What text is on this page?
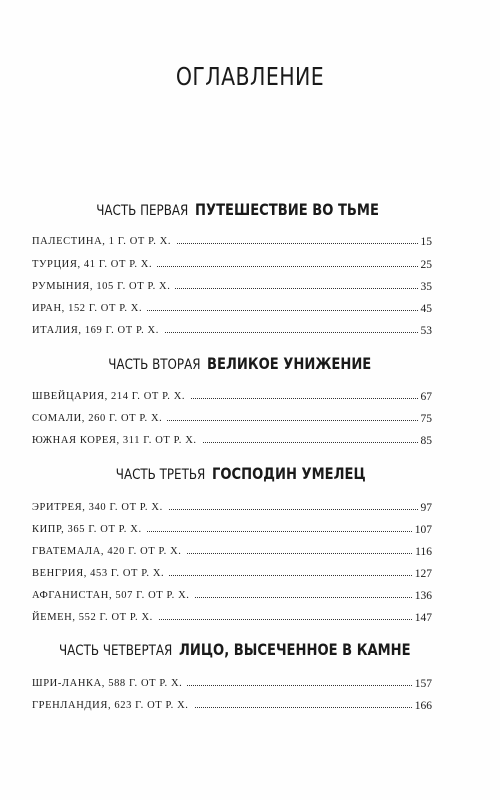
ОГЛАВЛЕНИЕ
ЧАСТЬ ПЕРВАЯ ПУТЕШЕСТВИЕ ВО ТЬМЕ
ПАЛЕСТИНА, 1 Г. ОТ Р. Х.	15
ТУРЦИЯ, 41 Г. ОТ Р. Х.	25
РУМЫНИЯ, 105 Г. ОТ Р. Х.	35
ИРАН, 152 Г. ОТ Р. Х.	45
ИТАЛИЯ, 169 Г. ОТ Р. Х.	53
ЧАСТЬ ВТОРАЯ ВЕЛИКОЕ УНИЖЕНИЕ
ШВЕЙЦАРИЯ, 214 Г. ОТ Р. Х.	67
СОМАЛИ, 260 Г. ОТ Р. Х.	75
ЮЖНАЯ КОРЕЯ, 311 Г. ОТ Р. Х.	85
ЧАСТЬ ТРЕТЬЯ ГОСПОДИН УМЕЛЕЦ
ЭРИТРЕЯ, 340 Г. ОТ Р. Х.	97
КИПР, 365 Г. ОТ Р. Х.	107
ГВАТЕМАЛА, 420 Г. ОТ Р. Х.	116
ВЕНГРИЯ, 453 Г. ОТ Р. Х.	127
АФГАНИСТАН, 507 Г. ОТ Р. Х.	136
ЙЕМЕН, 552 Г. ОТ Р. Х.	147
ЧАСТЬ ЧЕТВЕРТАЯ ЛИЦО, ВЫСЕЧЕННОЕ В КАМНЕ
ШРИ-ЛАНКА, 588 Г. ОТ Р. Х.	157
ГРЕНЛАНДИЯ, 623 Г. ОТ Р. Х.	166
